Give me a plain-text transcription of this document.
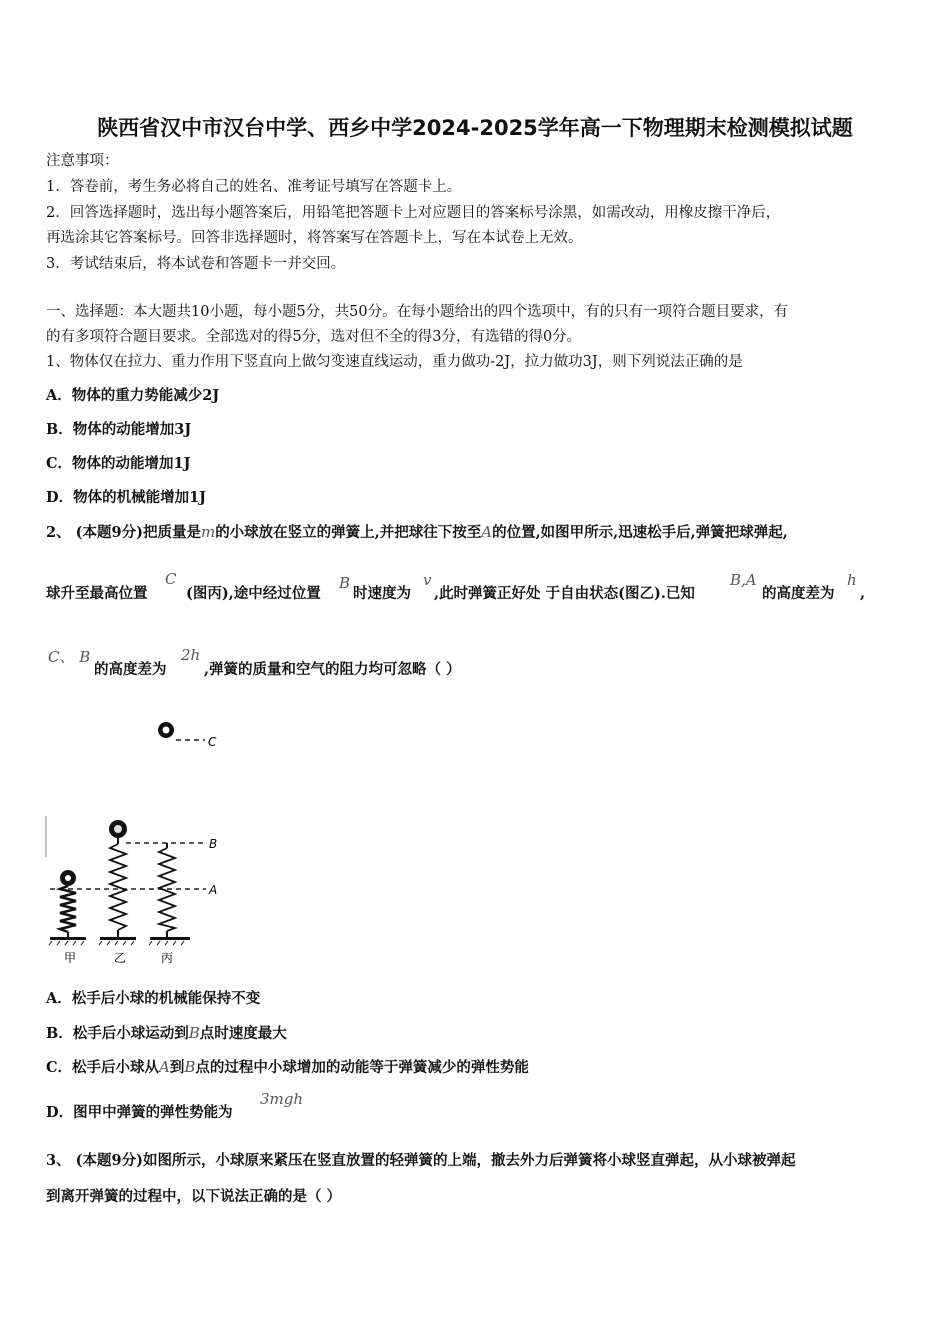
陕西省汉中市汉台中学、西乡中学2024-2025学年高一下物理期末检测模拟试题
注意事项：
1．答卷前，考生务必将自己的姓名、准考证号填写在答题卡上。
2．回答选择题时，选出每小题答案后，用铅笔把答题卡上对应题目的答案标号涂黑，如需改动，用橡皮擦干净后，
再选涂其它答案标号。回答非选择题时，将答案写在答题卡上，写在本试卷上无效。
3．考试结束后，将本试卷和答题卡一并交回。
一、选择题：本大题共10小题，每小题5分，共50分。在每小题给出的四个选项中，有的只有一项符合题目要求，有
的有多项符合题目要求。全部选对的得5分，选对但不全的得3分，有选错的得0分。
1、物体仅在拉力、重力作用下竖直向上做匀变速直线运动，重力做功-2J，拉力做功3J，则下列说法正确的是
A．物体的重力势能减少2J
B．物体的动能增加3J
C．物体的动能增加1J
D．物体的机械能增加1J
2、 (本题9分)把质量是m的小球放在竖立的弹簧上,并把球往下按至A的位置,如图甲所示,迅速松手后,弹簧把球弹起,
球升至最高位置
C
(图丙),途中经过位置
B
时速度为
v
,此时弹簧正好处 于自由状态(图乙).已知
B,A
的高度差为
h
,
C、 B
的高度差为
2h
,弹簧的质量和空气的阻力均可忽略（ ）
C
B
A
甲	乙	丙
A．松手后小球的机械能保持不变
B．松手后小球运动到B点时速度最大
C．松手后小球从A到B点的过程中小球增加的动能等于弹簧减少的弹性势能
D．图甲中弹簧的弹性势能为
3mgh
3、 (本题9分)如图所示，小球原来紧压在竖直放置的轻弹簧的上端，撤去外力后弹簧将小球竖直弹起，从小球被弹起
到离开弹簧的过程中，以下说法正确的是（ ）
